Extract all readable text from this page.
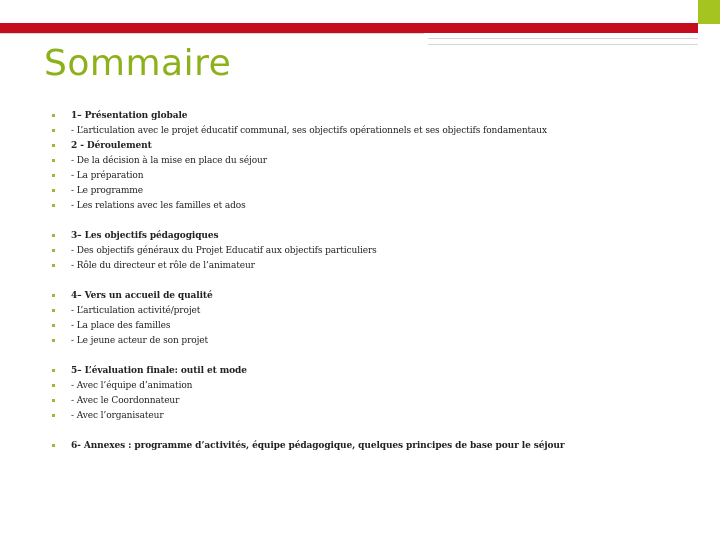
Sommaire
1– Présentation globale
- L’articulation avec le projet éducatif communal, ses objectifs opérationnels et ses objectifs fondamentaux
2 - Déroulement
- De la décision à la mise en place du séjour
- La préparation
- Le programme
- Les relations avec les familles et ados
3– Les objectifs pédagogiques
- Des objectifs généraux du Projet Educatif aux objectifs particuliers
- Rôle du directeur et rôle de l’animateur
4– Vers un accueil de qualité
- L’articulation activité/projet
- La place des familles
- Le jeune acteur de son projet
5– L’évaluation finale: outil et mode
- Avec l’équipe d’animation
- Avec le Coordonnateur
- Avec l’organisateur
6- Annexes : programme d’activités, équipe pédagogique, quelques principes de base pour le séjour
